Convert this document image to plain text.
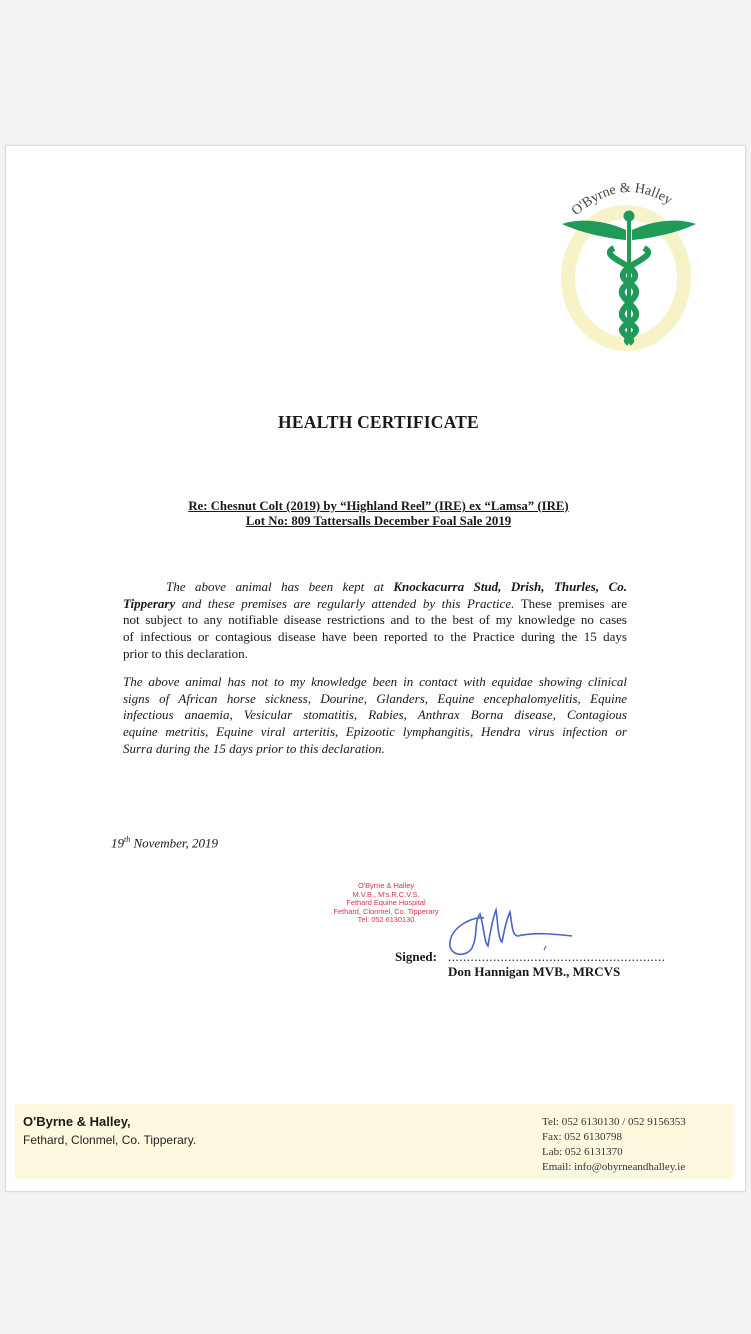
O'Byrne & Halley
HEALTH CERTIFICATE
Re: Chesnut Colt (2019) by “Highland Reel” (IRE) ex “Lamsa” (IRE)
Lot No: 809 Tattersalls December Foal Sale 2019
The above animal has been kept at Knockacurra Stud, Drish, Thurles, Co.
Tipperary and these premises are regularly attended by this Practice. These premises are
not subject to any notifiable disease restrictions and to the best of my knowledge no cases
of infectious or contagious disease have been reported to the Practice during the 15 days
prior to this declaration.
The above animal has not to my knowledge been in contact with equidae showing clinical
signs of African horse sickness, Dourine, Glanders, Equine encephalomyelitis, Equine
infectious anaemia, Vesicular stomatitis, Rabies, Anthrax Borna disease, Contagious
equine metritis, Equine viral arteritis, Epizootic lymphangitis, Hendra virus infection or
Surra during the 15 days prior to this declaration.
19th November, 2019
O'Byrne & Halley
M.V.B., M's.R.C.V.S.
Fethard Equine Hospital
Fethard, Clonmel, Co. Tipperary
Tel: 052 6130130
Signed: ..........................................................
Don Hannigan MVB., MRCVS
O'Byrne & Halley,
Fethard, Clonmel, Co. Tipperary.
Tel: 052 6130130 / 052 9156353
Fax: 052 6130798
Lab: 052 6131370
Email: info@obyrneandhalley.ie
